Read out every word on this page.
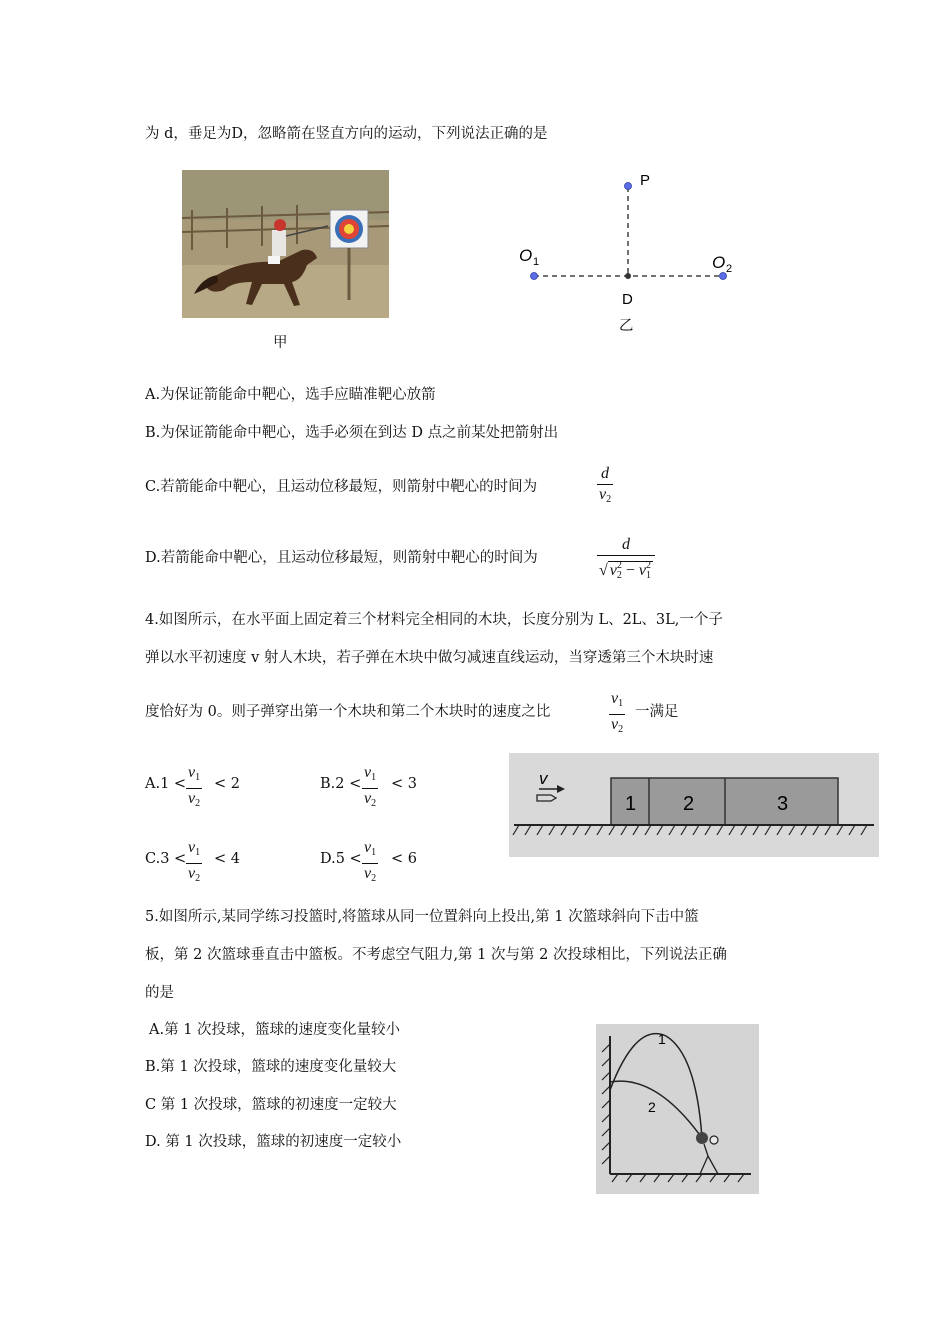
为 d，垂足为D，忽略箭在竖直方向的运动，下列说法正确的是
甲
P
D
O 1	O 2
乙
A.为保证箭能命中靶心，选手应瞄准靶心放箭
B.为保证箭能命中靶心，选手必须在到达 D 点之前某处把箭射出
C.若箭能命中靶心，且运动位移最短，则箭射中靶心的时间为	$\frac{d}{v_2}$
D.若箭能命中靶心，且运动位移最短，则箭射中靶心的时间为	$\frac{d}{√ v_2^2 - v_1^2}$
4.如图所示，在水平面上固定着三个材料完全相同的木块，长度分别为 L、2L、3L,一个子
弹以水平初速度 v 射人木块，若子弹在木块中做匀减速直线运动，当穿透第三个木块时速
度恰好为 0。则子弹穿出第一个木块和第二个木块时的速度之比	$\frac{v_1}{v_2}$ 一满足
$A.1 < \frac{v_1}{v_2} < 2$	$B.2 < \frac{v_1}{v_2} < 3$
$C.3 < \frac{v_1}{v_2} < 4$	$D.5 < \frac{v_1}{v_2} < 6$
v
1 2	3
5.如图所示,某同学练习投篮时,将篮球从同一位置斜向上投出,第 1 次篮球斜向下击中篮
板，第 2 次篮球垂直击中篮板。不考虑空气阻力,第 1 次与第 2 次投球相比，下列说法正确
的是
A.第 1 次投球，篮球的速度变化量较小
B.第 1 次投球，篮球的速度变化量较大
C 第 1 次投球，篮球的初速度一定较大
D. 第 1 次投球，篮球的初速度一定较小
1
2
